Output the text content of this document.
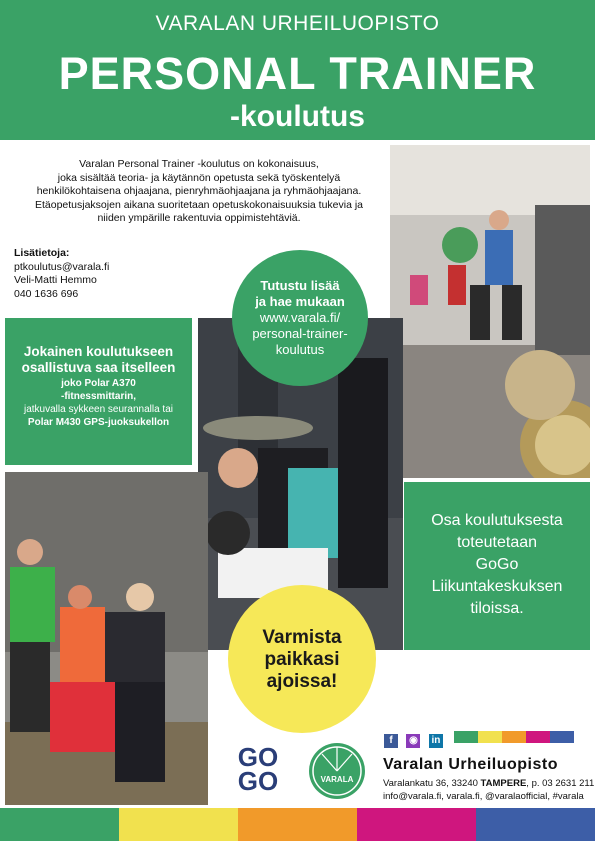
VARALAN URHEILUOPISTO
PERSONAL TRAINER
-koulutus
Varalan Personal Trainer -koulutus on kokonaisuus,
joka sisältää teoria- ja käytännön opetusta sekä työskentelyä
henkilökohtaisena ohjaajana, pienryhmäohjaajana ja ryhmäohjaajana.
Etäopetusjaksojen aikana suoritetaan opetuskokonaisuuksia tukevia ja
niiden ympärille rakentuvia oppimistehtäviä.
Lisätietoja:
ptkoulutus@varala.fi
Veli-Matti Hemmo
040 1636 696
Tutustu lisää
ja hae mukaan
www.varala.fi/
personal-trainer-
koulutus
Jokainen koulutukseen
osallistuva saa itselleen
joko Polar A370
-fitnessmittarin,
jatkuvalla sykkeen seurannalla tai
Polar M430 GPS-juoksukellon
Osa koulutuksesta
toteutetaan
GoGo
Liikuntakeskuksen
tiloissa.
Varmista
paikkasi
ajoissa!
GO
GO	VARALA
f ◉ in
Varalan Urheiluopisto
Varalankatu 36, 33240 TAMPERE, p. 03 2631 211
info@varala.fi, varala.fi, @varalaofficial, #varala
